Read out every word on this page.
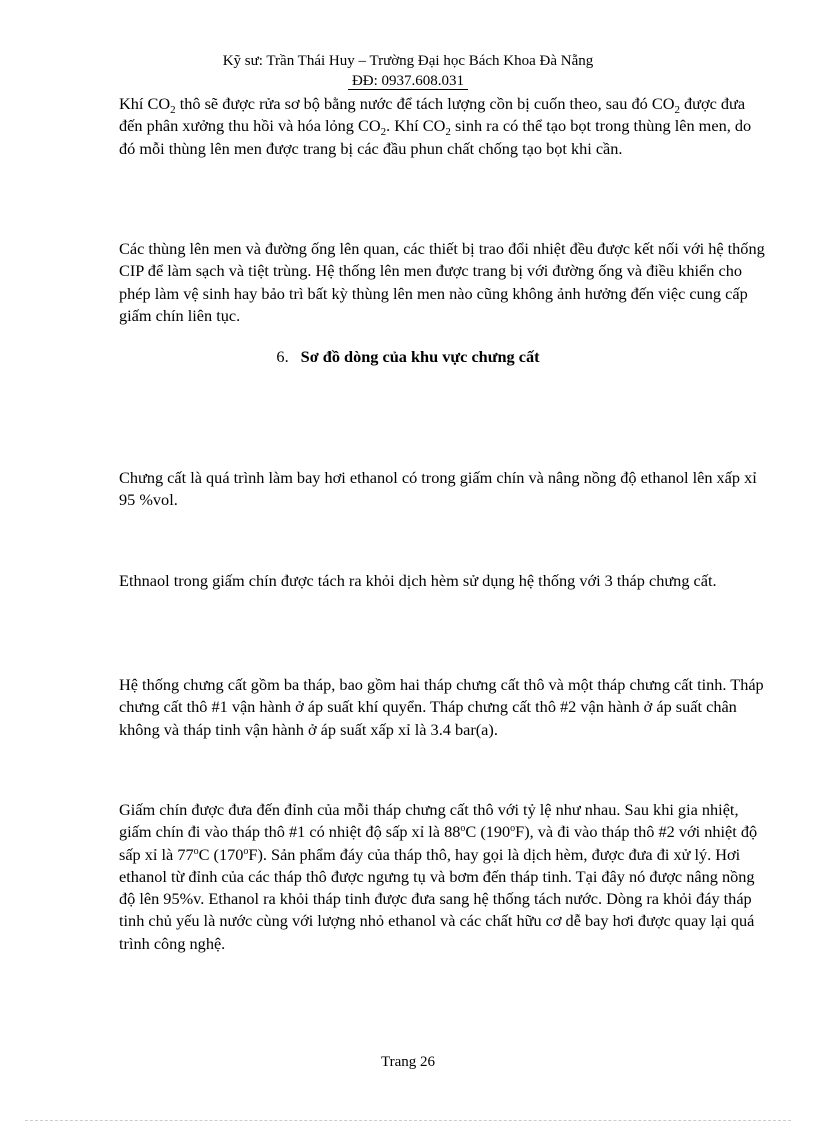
Kỹ sư: Trần Thái Huy – Trường Đại học Bách Khoa Đà Nẵng
ĐĐ: 0937.608.031

Khí $CO_2$ thô sẽ được rửa sơ bộ bằng nước để tách lượng cồn bị cuốn theo, sau đó $CO_2$ được đưa đến phân xưởng thu hồi và hóa lỏng $CO_2$. Khí $CO_2$ sinh ra có thể tạo bọt trong thùng lên men, do đó mỗi thùng lên men được trang bị các đầu phun chất chống tạo bọt khi cần.

Các thùng lên men và đường ống lên quan, các thiết bị trao đổi nhiệt đều được kết nối với hệ thống CIP để làm sạch và tiệt trùng. Hệ thống lên men được trang bị với đường ống và điều khiển cho phép làm vệ sinh hay bảo trì bất kỳ thùng lên men nào cũng không ảnh hưởng đến việc cung cấp giấm chín liên tục.

6. Sơ đồ dòng của khu vực chưng cất

Chưng cất là quá trình làm bay hơi ethanol có trong giấm chín và nâng nồng độ ethanol lên xấp xỉ 95 %vol.

Ethnaol trong giấm chín được tách ra khỏi dịch hèm sử dụng hệ thống với 3 tháp chưng cất.

Hệ thống chưng cất gồm ba tháp, bao gồm hai tháp chưng cất thô và một tháp chưng cất tinh. Tháp chưng cất thô #1 vận hành ở áp suất khí quyển. Tháp chưng cất thô #2 vận hành ở áp suất chân không và tháp tinh vận hành ở áp suất xấp xỉ là 3.4 bar(a).

Giấm chín được đưa đến đỉnh của mỗi tháp chưng cất thô với tỷ lệ như nhau. Sau khi gia nhiệt, giấm chín đi vào tháp thô #1 có nhiệt độ sấp xỉ là 88$^o$C (190$^o$F), và đi vào tháp thô #2 với nhiệt độ sấp xỉ là 77$^o$C (170$^o$F). Sản phẩm đáy của tháp thô, hay gọi là dịch hèm, được đưa đi xử lý. Hơi ethanol từ đỉnh của các tháp thô được ngưng tụ và bơm đến tháp tinh. Tại đây nó được nâng nồng độ lên 95%v. Ethanol ra khỏi tháp tinh được đưa sang hệ thống tách nước. Dòng ra khỏi đáy tháp tinh chủ yếu là nước cùng với lượng nhỏ ethanol và các chất hữu cơ dễ bay hơi được quay lại quá trình công nghệ.

Trang 26
